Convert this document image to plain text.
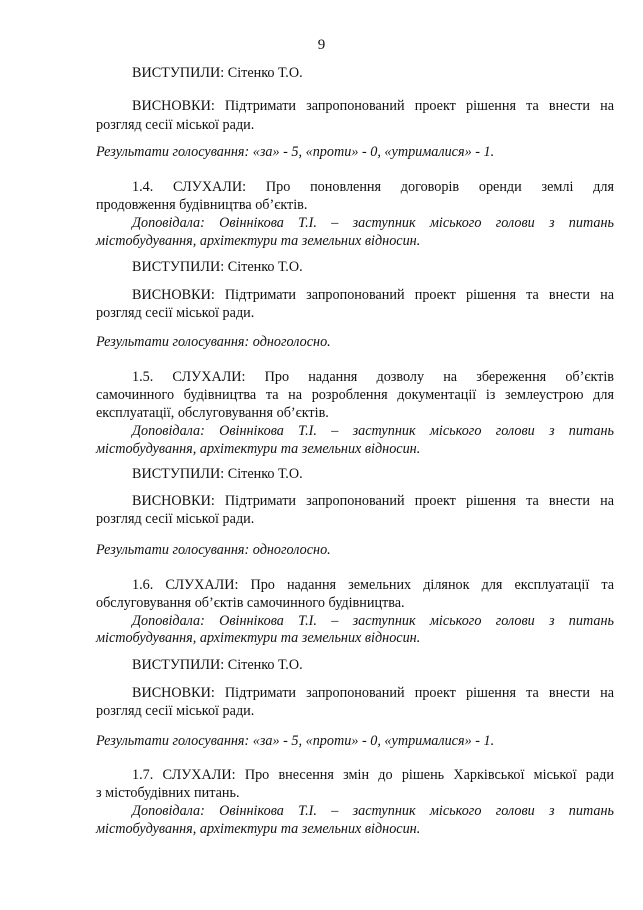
9

ВИСТУПИЛИ: Сітенко Т.О.

ВИСНОВКИ: Підтримати запропонований проект рішення та внести на

розгляд сесії міської ради.

Результати голосування: «за» - 5, «проти» - 0, «утрималися» - 1.

1.4. СЛУХАЛИ: Про поновлення договорів оренди землі для

продовження будівництва об’єктів.

Доповідала: Овіннікова Т.І. – заступник міського голови з питань

містобудування, архітектури та земельних відносин.

ВИСТУПИЛИ: Сітенко Т.О.

ВИСНОВКИ: Підтримати запропонований проект рішення та внести на

розгляд сесії міської ради.

Результати голосування: одноголосно.

1.5. СЛУХАЛИ: Про надання дозволу на збереження об’єктів

самочинного будівництва та на розроблення документації із землеустрою для

експлуатації, обслуговування об’єктів.

Доповідала: Овіннікова Т.І. – заступник міського голови з питань

містобудування, архітектури та земельних відносин.

ВИСТУПИЛИ: Сітенко Т.О.

ВИСНОВКИ: Підтримати запропонований проект рішення та внести на

розгляд сесії міської ради.

Результати голосування: одноголосно.

1.6. СЛУХАЛИ: Про надання земельних ділянок для експлуатації та

обслуговування об’єктів самочинного будівництва.

Доповідала: Овіннікова Т.І. – заступник міського голови з питань

містобудування, архітектури та земельних відносин.

ВИСТУПИЛИ: Сітенко Т.О.

ВИСНОВКИ: Підтримати запропонований проект рішення та внести на

розгляд сесії міської ради.

Результати голосування: «за» - 5, «проти» - 0, «утрималися» - 1.

1.7. СЛУХАЛИ: Про внесення змін до рішень Харківської міської ради

з містобудівних питань.

Доповідала: Овіннікова Т.І. – заступник міського голови з питань

містобудування, архітектури та земельних відносин.
